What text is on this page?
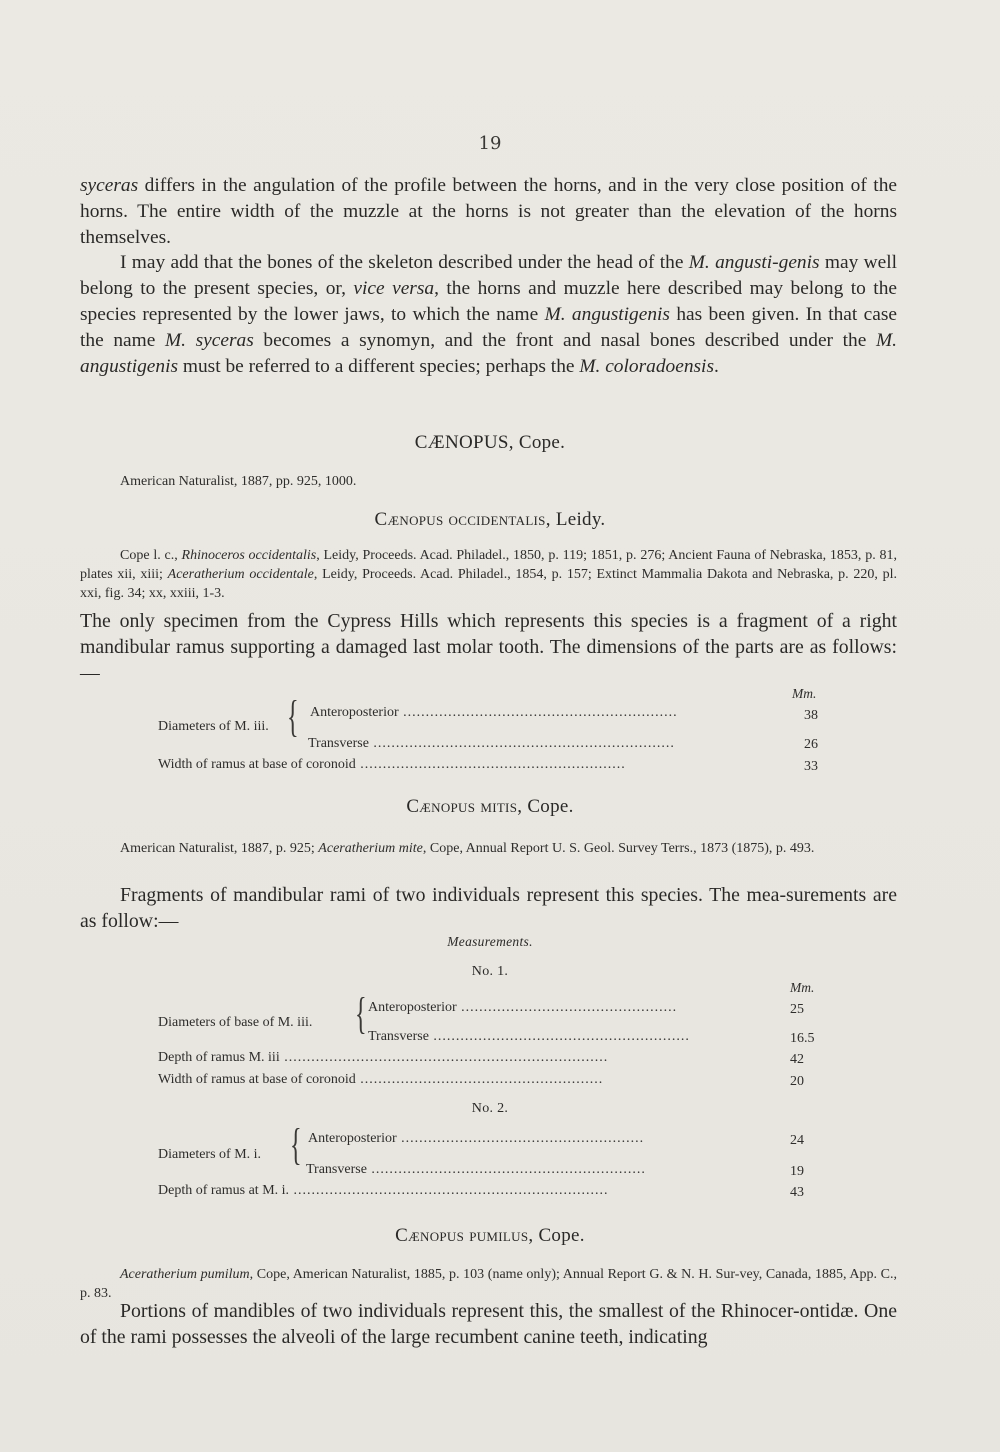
19

syceras differs in the angulation of the profile between the horns, and in the very close position of the horns. The entire width of the muzzle at the horns is not greater than the elevation of the horns themselves.

I may add that the bones of the skeleton described under the head of the M. angusti-genis may well belong to the present species, or, vice versa, the horns and muzzle here described may belong to the species represented by the lower jaws, to which the name M. angustigenis has been given. In that case the name M. syceras becomes a synomyn, and the front and nasal bones described under the M. angustigenis must be referred to a different species; perhaps the M. coloradoensis.

CÆNOPUS, Cope.
American Naturalist, 1887, pp. 925, 1000.
Cænopus occidentalis, Leidy.

Cope l. c., Rhinoceros occidentalis, Leidy, Proceeds. Acad. Philadel., 1850, p. 119; 1851, p. 276; Ancient Fauna of Nebraska, 1853, p. 81, plates xii, xiii; Aceratherium occidentale, Leidy, Proceeds. Acad. Philadel., 1854, p. 157; Extinct Mammalia Dakota and Nebraska, p. 220, pl. xxi, fig. 34; xx, xxiii, 1-3.

The only specimen from the Cypress Hills which represents this species is a fragment of a right mandibular ramus supporting a damaged last molar tooth. The dimensions of the parts are as follows:—

Mm.
Diameters of M. iii. { Anteroposterior .............................................................	38
Transverse ...................................................................	26
Width of ramus at base of coronoid ...........................................................	33
Cænopus mitis, Cope.

American Naturalist, 1887, p. 925; Aceratherium mite, Cope, Annual Report U. S. Geol. Survey Terrs., 1873 (1875), p. 493.

Fragments of mandibular rami of two individuals represent this species. The mea-surements are as follow:—

Measurements.
No. 1.
Mm.
Diameters of base of M. iii. { Anteroposterior ................................................	25
Transverse .........................................................	16.5
Depth of ramus M. iii ........................................................................	42
Width of ramus at base of coronoid ......................................................	20
No. 2.
Diameters of M. i. { Anteroposterior ......................................................	24
Transverse .............................................................	19
Depth of ramus at M. i. ......................................................................	43
Cænopus pumilus, Cope.

Aceratherium pumilum, Cope, American Naturalist, 1885, p. 103 (name only); Annual Report G. & N. H. Sur-vey, Canada, 1885, App. C., p. 83.

Portions of mandibles of two individuals represent this, the smallest of the Rhinocer-ontidæ. One of the rami possesses the alveoli of the large recumbent canine teeth, indicating
